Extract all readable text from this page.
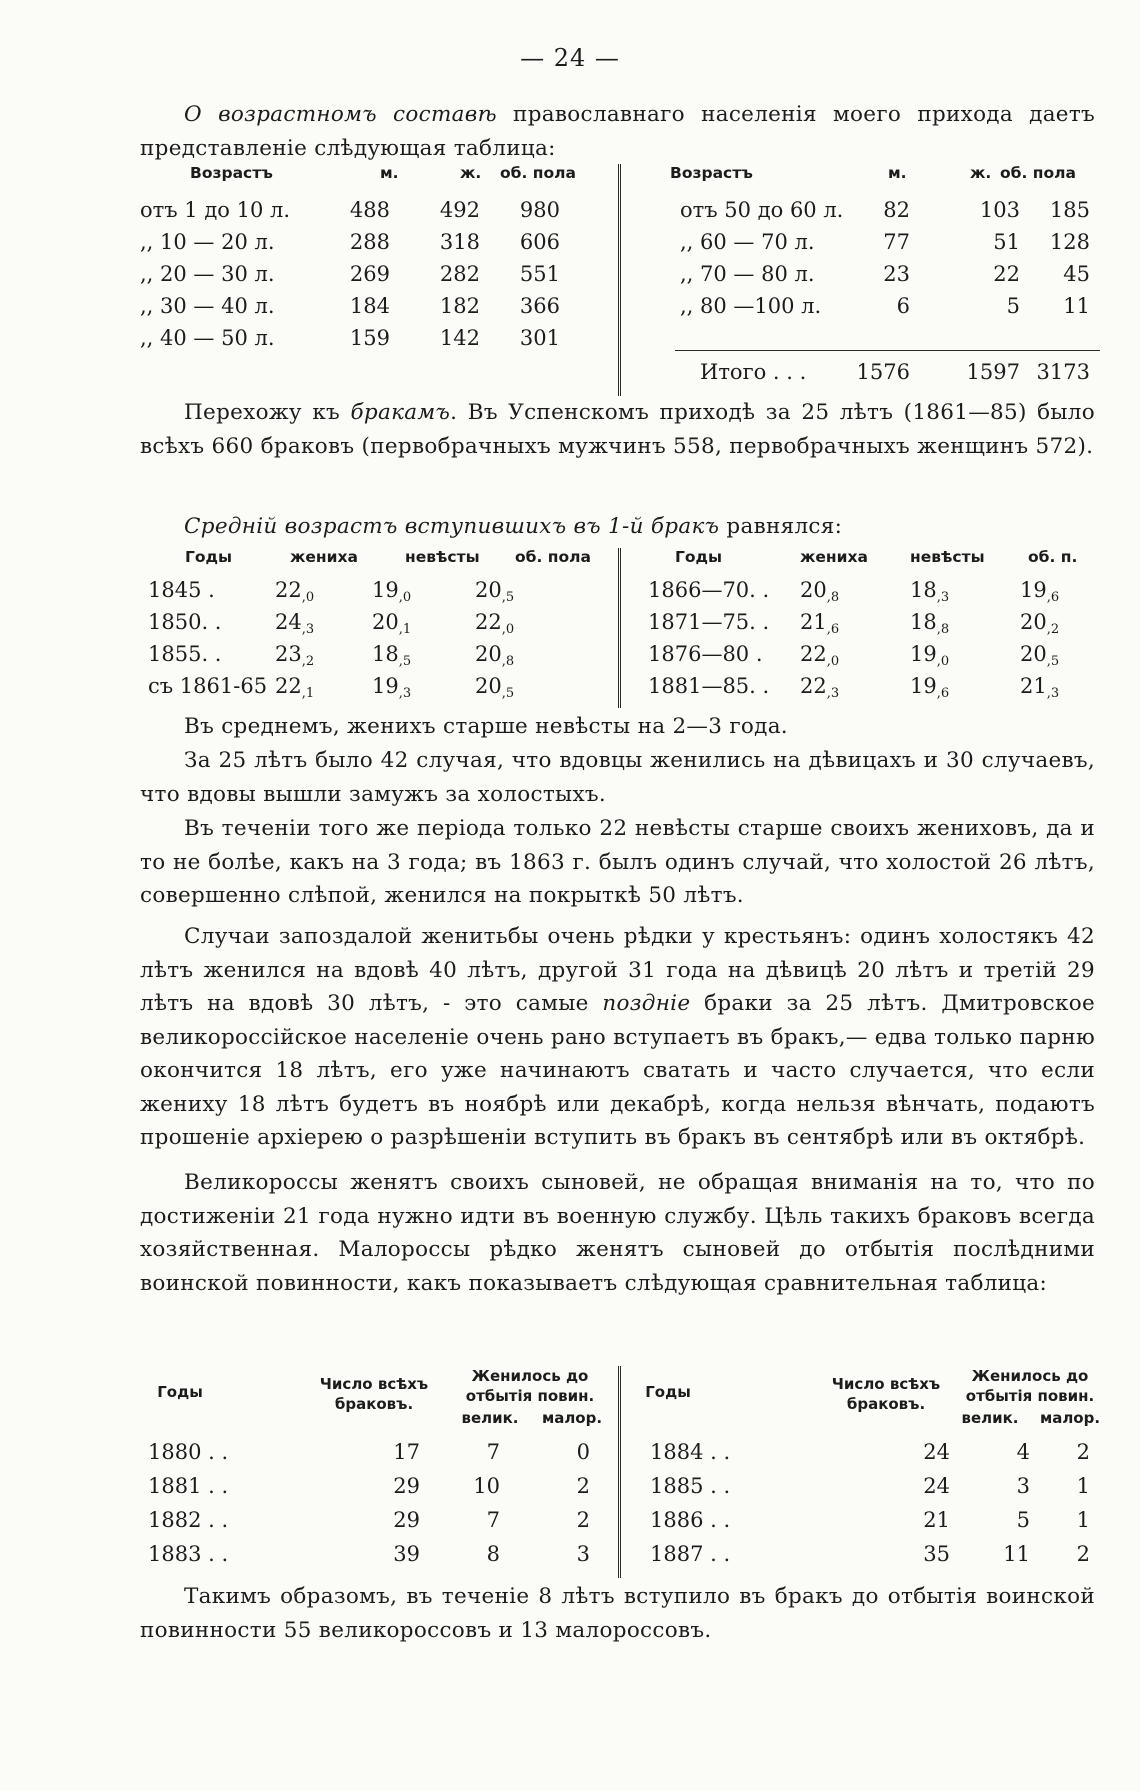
— 24 —
О возрастномъ составѣ православнаго населенія моего прихода даетъ представленіе слѣдующая таблица:
Возрастъ	м.	ж. об. пола	Возрастъ	м.	ж. об. пола
отъ 1 до 10 л.	488	492	980
,, 10 — 20 л.	288	318	606
,, 20 — 30 л.	269	282	551
,, 30 — 40 л.	184	182	366
,, 40 — 50 л.	159	142	301
отъ 50 до 60 л.	82	103	185
,, 60 — 70 л.	77	51	128
,, 70 — 80 л.	23	22	45
,, 80 —100 л.	6	5	11
Итого . . .	1576	1597 3173
Перехожу къ бракамъ. Въ Успенскомъ приходѣ за 25 лѣтъ (1861—85) было всѣхъ 660 браковъ (первобрачныхъ мужчинъ 558, первобрачныхъ женщинъ 572).
Средній возрастъ вступившихъ въ 1-й бракъ равнялся:
Годы	жениха	невѣсты об. пола	Годы	жениха	невѣсты	об. п.
1845 .	$22_{,0}$	$19_{,0}$	$20_{,5}$
1850. .	$24_{,3}$	$20_{,1}$	$22_{,0}$
1855. .	$23_{,2}$	$18_{,5}$	$20_{,8}$
съ 1861-65 $22_{,1}$	$19_{,3}$	$20_{,5}$
1866—70. . $20_{,8}$	$18_{,3}$	$19_{,6}$
1871—75. . $21_{,6}$	$18_{,8}$	$20_{,2}$
1876—80 . $22_{,0}$	$19_{,0}$	$20_{,5}$
1881—85. . $22_{,3}$	$19_{,6}$	$21_{,3}$
Въ среднемъ, женихъ старше невѣсты на 2—3 года.
За 25 лѣтъ было 42 случая, что вдовцы женились на дѣвицахъ и 30 случаевъ, что вдовы вышли замужъ за холостыхъ.
Въ теченіи того же періода только 22 невѣсты старше своихъ жениховъ, да и то не болѣе, какъ на 3 года; въ 1863 г. былъ одинъ случай, что холостой 26 лѣтъ, совершенно слѣпой, женился на покрыткѣ 50 лѣтъ.
Случаи запоздалой женитьбы очень рѣдки у крестьянъ: одинъ холостякъ 42 лѣтъ женился на вдовѣ 40 лѣтъ, другой 31 года на дѣвицѣ 20 лѣтъ и третій 29 лѣтъ на вдовѣ 30 лѣтъ, - это самые поздніе браки за 25 лѣтъ. Дмитровское великороссійское населеніе очень рано вступаетъ въ бракъ,— едва только парню окончится 18 лѣтъ, его уже начинаютъ сватать и часто случается, что если жениху 18 лѣтъ будетъ въ ноябрѣ или декабрѣ, когда нельзя вѣнчать, подаютъ прошеніе архіерею о разрѣшеніи вступить въ бракъ въ сентябрѣ или въ октябрѣ.
Великороссы женятъ своихъ сыновей, не обращая вниманія на то, что по достиженіи 21 года нужно идти въ военную службу. Цѣль такихъ браковъ всегда хозяйственная. Малороссы рѣдко женятъ сыновей до отбытія послѣдними воинской повинности, какъ показываетъ слѣдующая сравнительная таблица:
Годы	Число всѣхъ браковъ.
Женилось до отбытія повин.
велик.	малор.
Годы	Число всѣхъ браковъ.
Женилось до отбытія повин.
велик.	малор.
1880 . .	17	7	0
1881 . .	29	10	2
1882 . .	29	7	2
1883 . .	39	8	3
1884 . .	24	4	2
1885 . .	24	3	1
1886 . .	21	5	1
1887 . .	35	11	2
Такимъ образомъ, въ теченіе 8 лѣтъ вступило въ бракъ до отбытія воинской повинности 55 великороссовъ и 13 малороссовъ.
